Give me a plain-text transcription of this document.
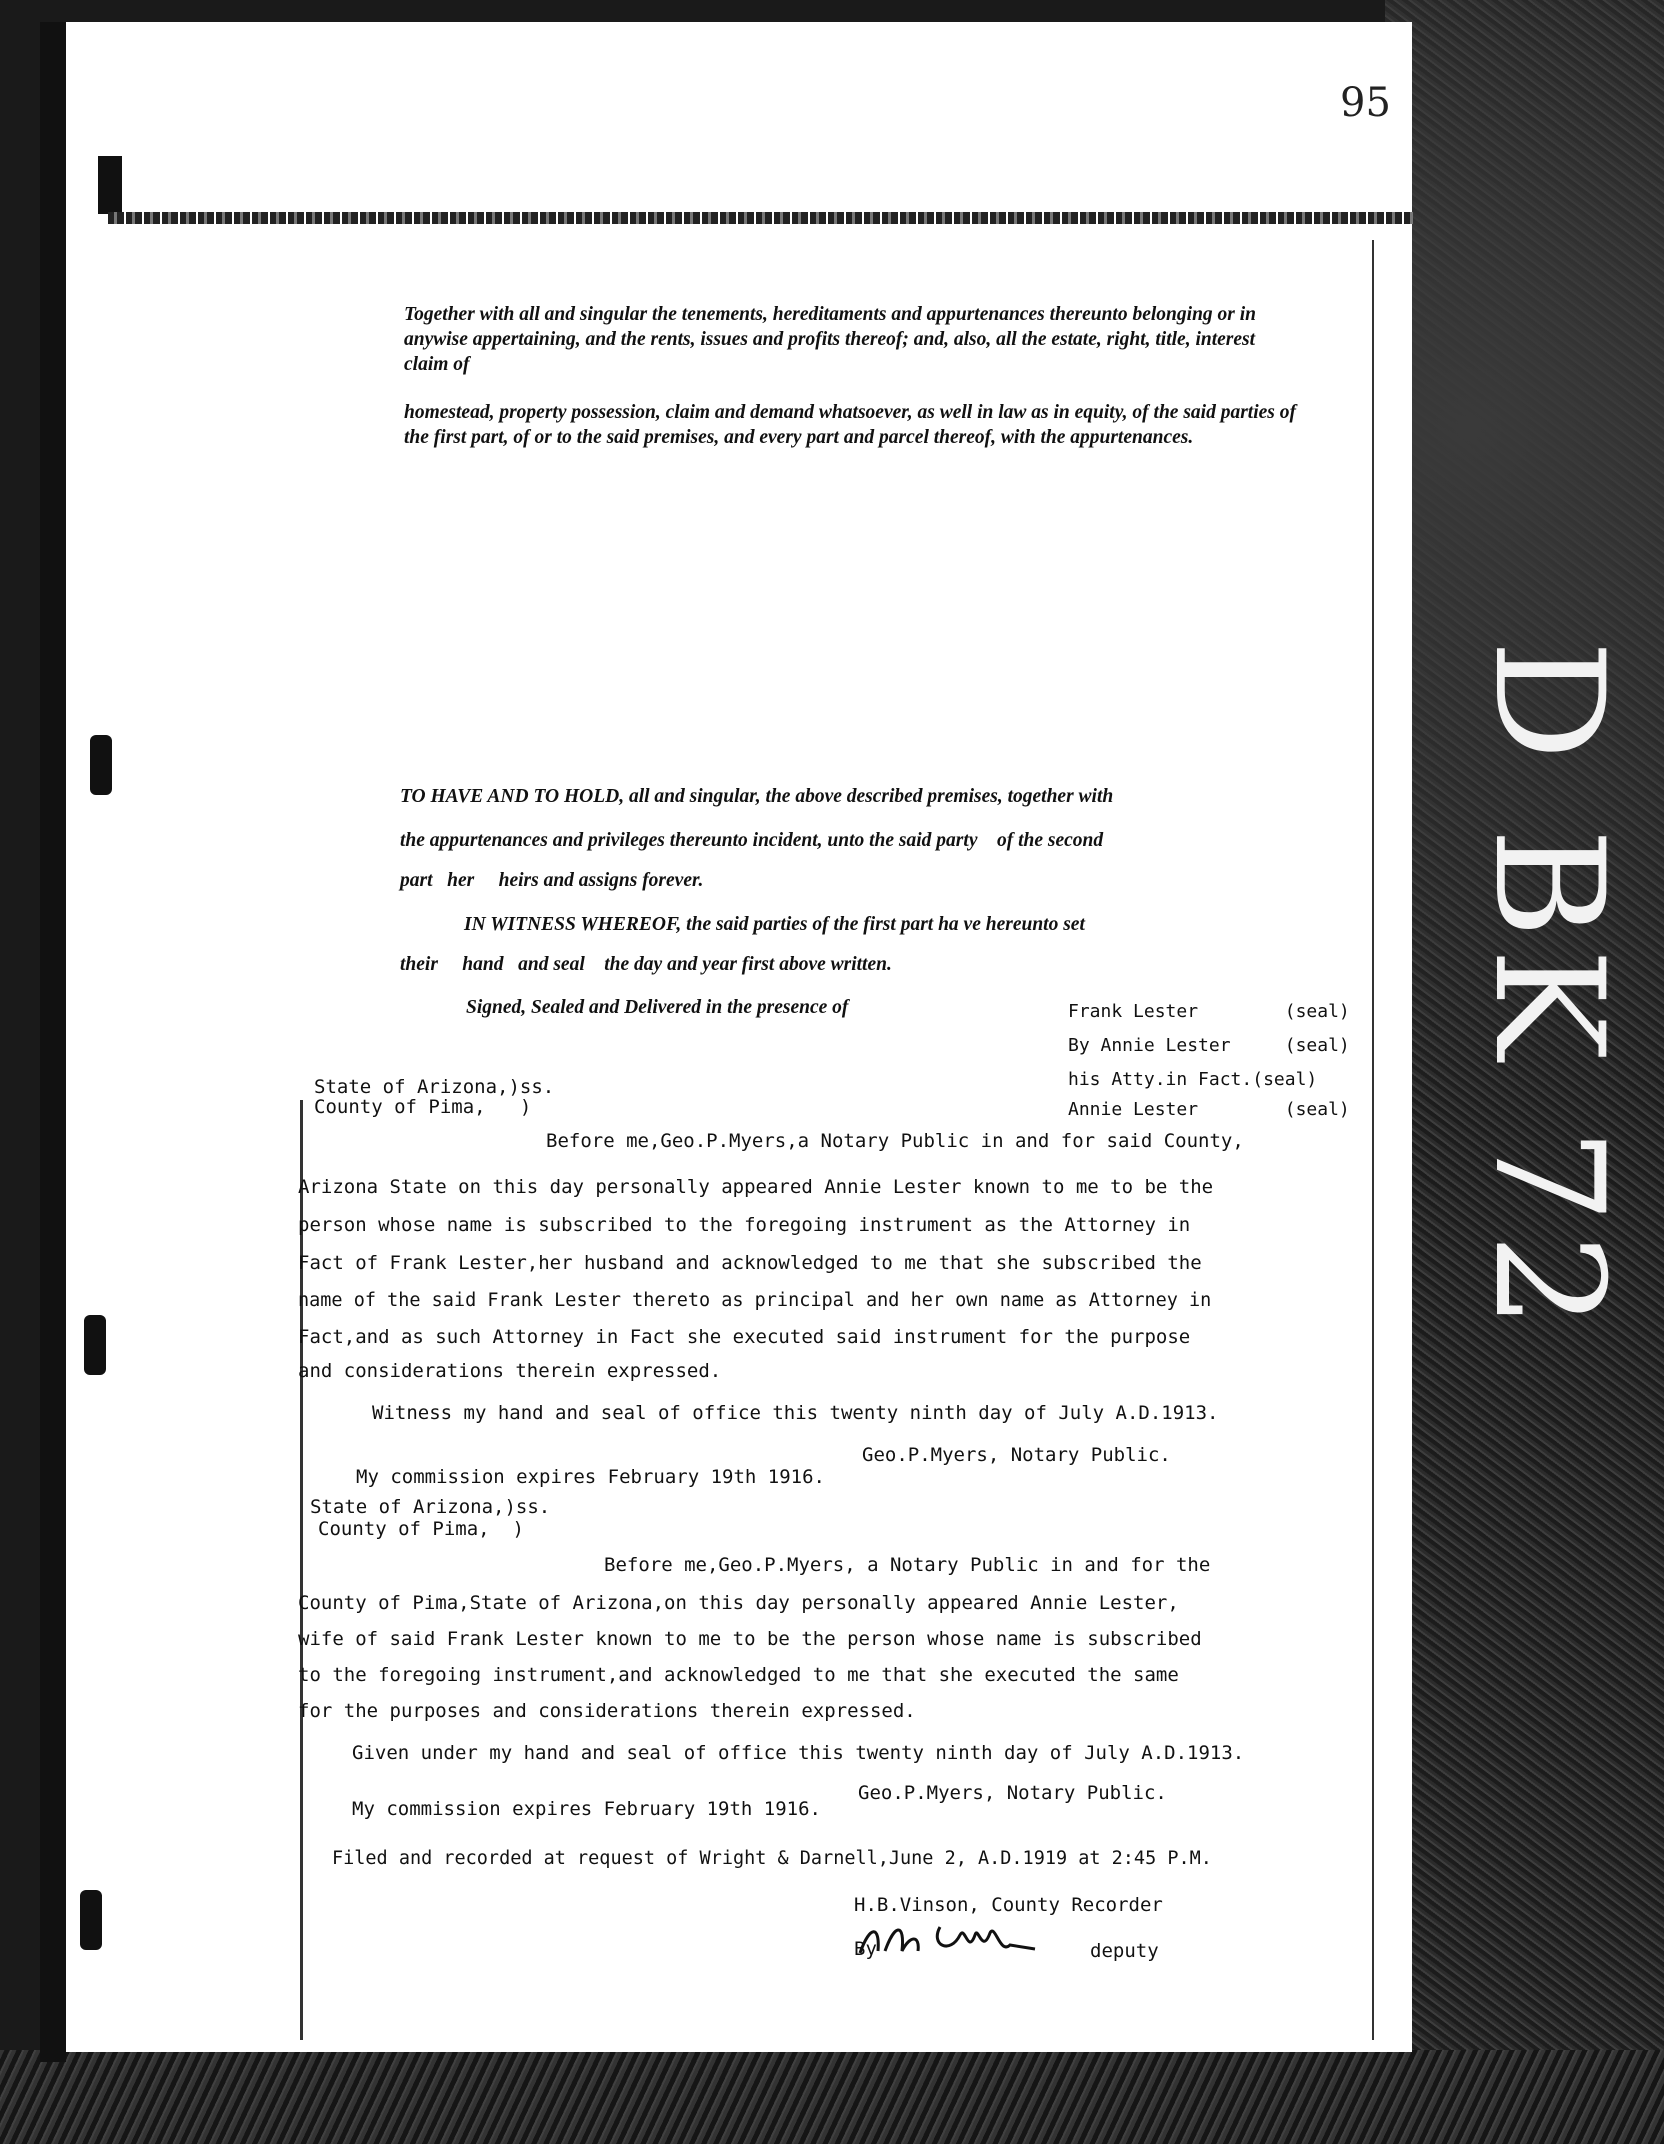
95
D BK 72
Together with all and singular the tenements, hereditaments and appurtenances thereunto belonging or in anywise appertaining, and the rents, issues and profits thereof; and, also, all the estate, right, title, interest claim of
homestead, property possession, claim and demand whatsoever, as well in law as in equity, of the said parties of the first part, of or to the said premises, and every part and parcel thereof, with the appurtenances.
TO HAVE AND TO HOLD, all and singular, the above described premises, together with
the appurtenances and privileges thereunto incident, unto the said party    of the second
part   her     heirs and assigns forever.
IN WITNESS WHEREOF, the said parties of the first part ha ve hereunto set
their     hand   and seal    the day and year first above written.
Signed, Sealed and Delivered in the presence of	Frank Lester        (seal)
By Annie Lester     (seal)
his Atty.in Fact.(seal)
Annie Lester        (seal)
State of Arizona,)ss.
County of Pima,   )
Before me,Geo.P.Myers,a Notary Public in and for said County,
Arizona State on this day personally appeared Annie Lester known to me to be the
person whose name is subscribed to the foregoing instrument as the Attorney in
Fact of Frank Lester,her husband and acknowledged to me that she subscribed the
name of the said Frank Lester thereto as principal and her own name as Attorney in
Fact,and as such Attorney in Fact she executed said instrument for the purpose
and considerations therein expressed.
Witness my hand and seal of office this twenty ninth day of July A.D.1913.
Geo.P.Myers, Notary Public.
My commission expires February 19th 1916.
State of Arizona,)ss.
County of Pima,  )
Before me,Geo.P.Myers, a Notary Public in and for the
County of Pima,State of Arizona,on this day personally appeared Annie Lester,
wife of said Frank Lester known to me to be the person whose name is subscribed
to the foregoing instrument,and acknowledged to me that she executed the same
for the purposes and considerations therein expressed.
Given under my hand and seal of office this twenty ninth day of July A.D.1913.
Geo.P.Myers, Notary Public.
My commission expires February 19th 1916.
Filed and recorded at request of Wright & Darnell,June 2, A.D.1919 at 2:45 P.M.
H.B.Vinson, County Recorder
By	deputy
